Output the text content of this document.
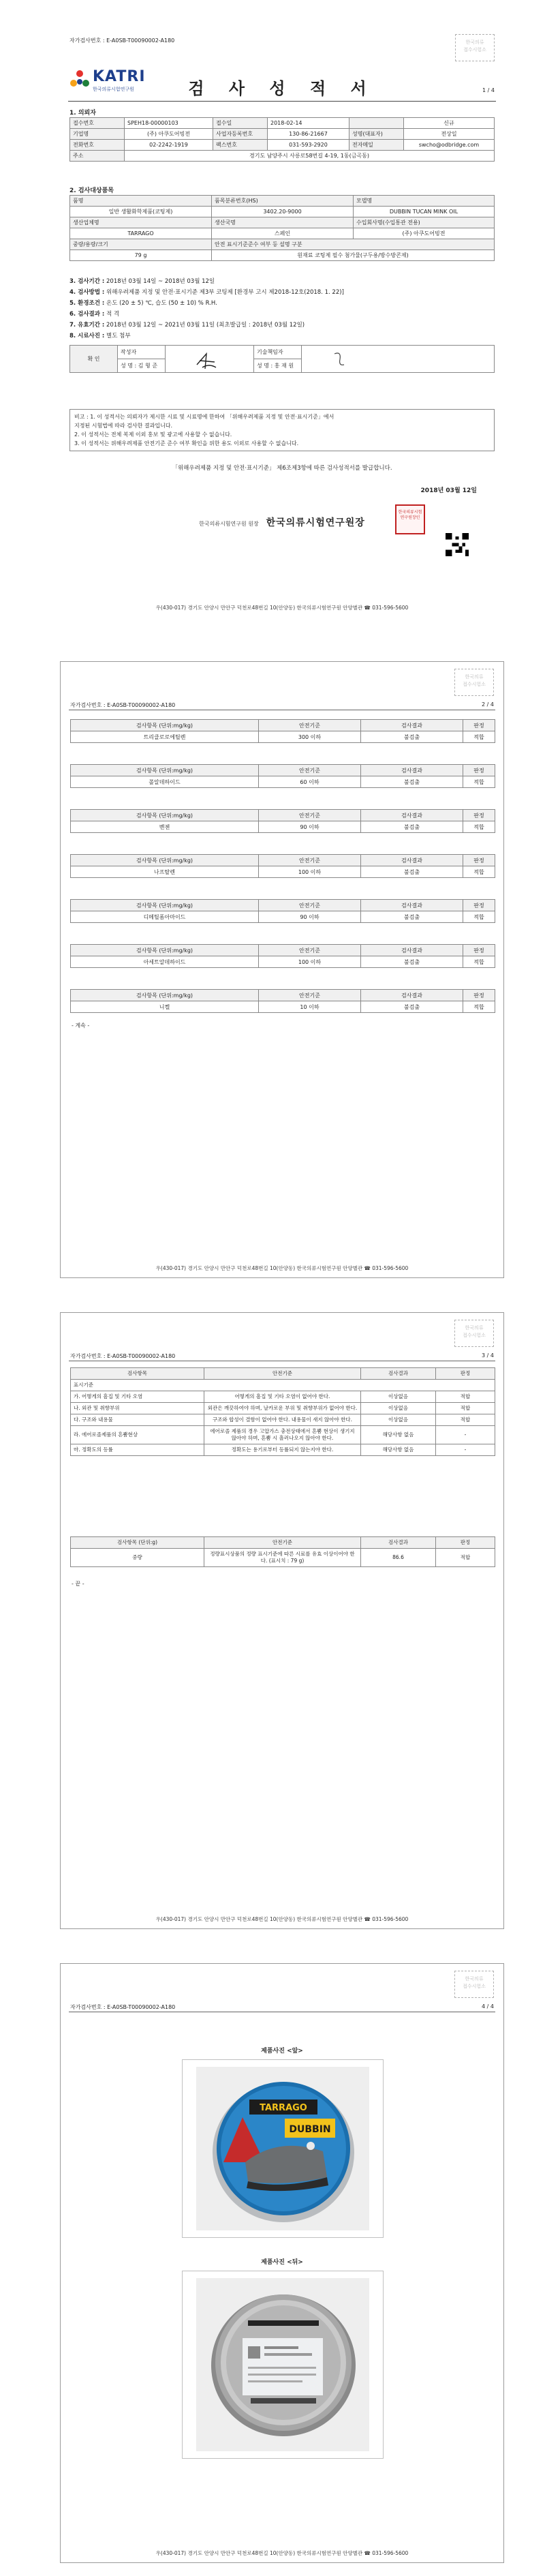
한국의류
접수시험소
자가검사번호 : E-A0SB-T00090002-A180
KATRI
한국의류시험연구원	검 사 성 적 서	1 / 4
1. 의뢰자
접수번호	SPEH18-00000103	접수일	2018-02-14		신규
기업명	(주) 아쿠도어빙전	사업자등록번호	130-86-21667	성명(대표자)	전상일
전화번호	02-2242-1919	팩스번호	031-593-2920	전자메일	swcho@odbridge.com
주소	경기도 남양주시 사릉로58번길 4-19, 1동(금곡동)				
2. 검사대상품목
품명	품목분류번호(HS)	모델명
일반 생활화학제품(코팅제)	3402.20-9000	DUBBIN TUCAN MINK OIL
생산업체명	생산국명	수입회사명(수입통관 전용)
TARRAGO	스페인	(주) 아쿠도어빙전
중량/용량/크기	안전 표시기준준수 여부 등 설명 구분	
79 g	원재료 코팅제 필수 첨가물(구두용/방수방콘제)	
3. 검사기간 : 2018년 03월 14일 ~ 2018년 03월 12일
4. 검사방법 : 위해우려제품 지정 및 안전·표시기준 제3부 코팅제 [환경부 고시 제2018-12호(2018. 1. 22)]
5. 환경조건 : 온도 (20 ± 5) ℃, 습도 (50 ± 10) % R.H.
6. 검사결과 : 적 격
7. 유효기간 : 2018년 03월 12일 ~ 2021년 03월 11일 (최초발급일 : 2018년 03월 12일)
8. 시료사진 : 별도 첨부
확 인	작성자		기술책임자	

	성 명 : 김 형 준		성 명 : 홍 재 원	
비고 : 1. 이 성적서는 의뢰자가 제시한 시료 및 시료명에 한하여 「위해우려제품 지정 및 안전·표시기준」에서
지정된 시험법에 따라 검사한 결과입니다.
2. 이 성적서는 전체 복제 이외 홍보 및 광고에 사용할 수 없습니다.
3. 이 성적서는 위해우려제품 안전기준 준수 여부 확인을 위한 용도 이외로 사용할 수 없습니다.
「위해우려제품 지정 및 안전·표시기준」 제6조제3항에 따른 검사성적서를 발급합니다.
2018년 03월 12일
한국의류시험연구원 원장 한국의류시험연구원장
한국의류시험연구원장인
우(430-017) 경기도 안양시 만안구 덕천로48번길 10(안양동) 한국의류시험연구원 안양별관 ☎ 031-596-5600
한국의류
접수시험소
자가검사번호 : E-A0SB-T00090002-A180	2 / 4
검사항목 (단위:mg/kg)	안전기준	검사결과	판정
트리클로로에틸렌	300 이하	불검출	적합
검사항목 (단위:mg/kg)	안전기준	검사결과	판정
폴알데하이드	60 이하	불검출	적합
검사항목 (단위:mg/kg)	안전기준	검사결과	판정
벤젠	90 이하	불검출	적합
검사항목 (단위:mg/kg)	안전기준	검사결과	판정
나프탈렌	100 이하	불검출	적합
검사항목 (단위:mg/kg)	안전기준	검사결과	판정
디메틸폼아마이드	90 이하	불검출	적합
검사항목 (단위:mg/kg)	안전기준	검사결과	판정
아세트알데하이드	100 이하	불검출	적합
검사항목 (단위:mg/kg)	안전기준	검사결과	판정
니켈	10 이하	불검출	적합
- 계속 -
우(430-017) 경기도 안양시 만안구 덕천로48번길 10(안양동) 한국의류시험연구원 안양별관 ☎ 031-596-5600
한국의류
접수시험소
자가검사번호 : E-A0SB-T00090002-A180	3 / 4
검사항목	안전기준	검사결과	판정
표시기준			
가. 어떻게의 흠집 및 기타 오염	어떻게의 흠집 및 기타 오염이 없어야 한다.	이상없음	적합
나. 외관 및 취향부위	외관은 깨끗하여야 하며, 날카로운 부위 및 취향부위가 없어야 한다.	이상없음	적합
다. 구조와 내용물	구조와 합성이 결함이 없어야 한다. 내용물이 새지 않아야 한다.	이상없음	적합
라. 에어로졸제품의 흔뿜현상	에어로졸 제품의 경우 고압가스 충전상태에서 흔뿜 현상이 생기지 않아야 하며, 흔뿜 시 흘러나오지 않아야 한다.	해당사항 없음	-
마. 정확도의 등률	정확도는 용기로부터 등률되지 않는지야 한다.	해당사항 없음	-
검사항목 (단위:g)	안전기준	검사결과	판정
중량	정량표시상품의 정량 표시기준에 따른 시료를 유효 이상이어야 한다. (표시치 : 79 g)	86.6	적합
- 끝 -
우(430-017) 경기도 안양시 만안구 덕천로48번길 10(안양동) 한국의류시험연구원 안양별관 ☎ 031-596-5600
한국의류
접수시험소
자가검사번호 : E-A0SB-T00090002-A180	4 / 4
제품사진 <앞>
TARRAGO
DUBBIN
제품사진 <뒤>
우(430-017) 경기도 안양시 만안구 덕천로48번길 10(안양동) 한국의류시험연구원 안양별관 ☎ 031-596-5600
